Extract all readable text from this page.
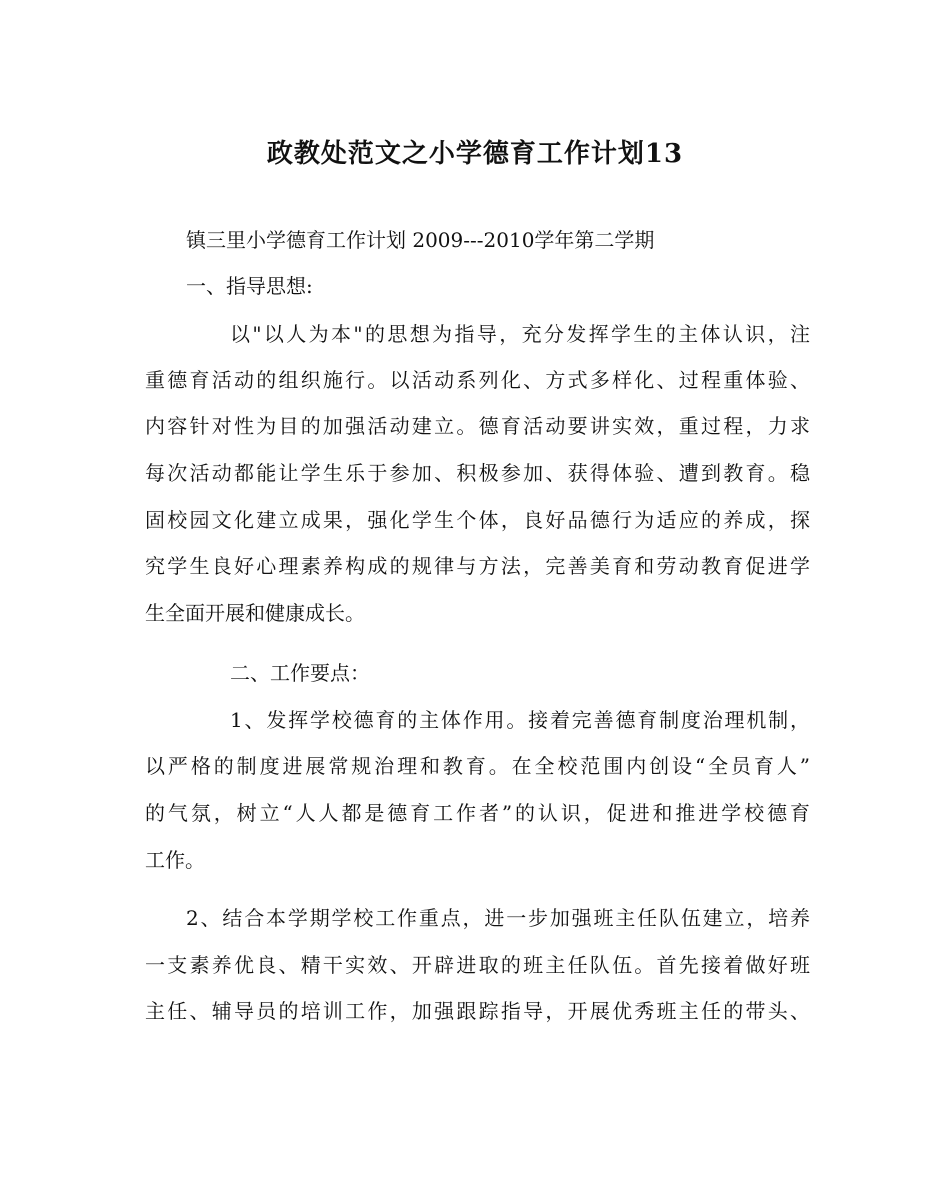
政教处范文之小学德育工作计划13
镇三里小学德育工作计划 2009---2010学年第二学期
一、指导思想:
以"以人为本"的思想为指导，充分发挥学生的主体认识，注
重德育活动的组织施行。以活动系列化、方式多样化、过程重体验、
内容针对性为目的加强活动建立。德育活动要讲实效，重过程，力求
每次活动都能让学生乐于参加、积极参加、获得体验、遭到教育。稳
固校园文化建立成果，强化学生个体，良好品德行为适应的养成，探
究学生良好心理素养构成的规律与方法，完善美育和劳动教育促进学
生全面开展和健康成长。
二、工作要点：
1、发挥学校德育的主体作用。接着完善德育制度治理机制，
以严格的制度进展常规治理和教育。在全校范围内创设“全员育人”
的气氛，树立“人人都是德育工作者”的认识，促进和推进学校德育
工作。
2、结合本学期学校工作重点，进一步加强班主任队伍建立，培养
一支素养优良、精干实效、开辟进取的班主任队伍。首先接着做好班
主任、辅导员的培训工作，加强跟踪指导，开展优秀班主任的带头、
